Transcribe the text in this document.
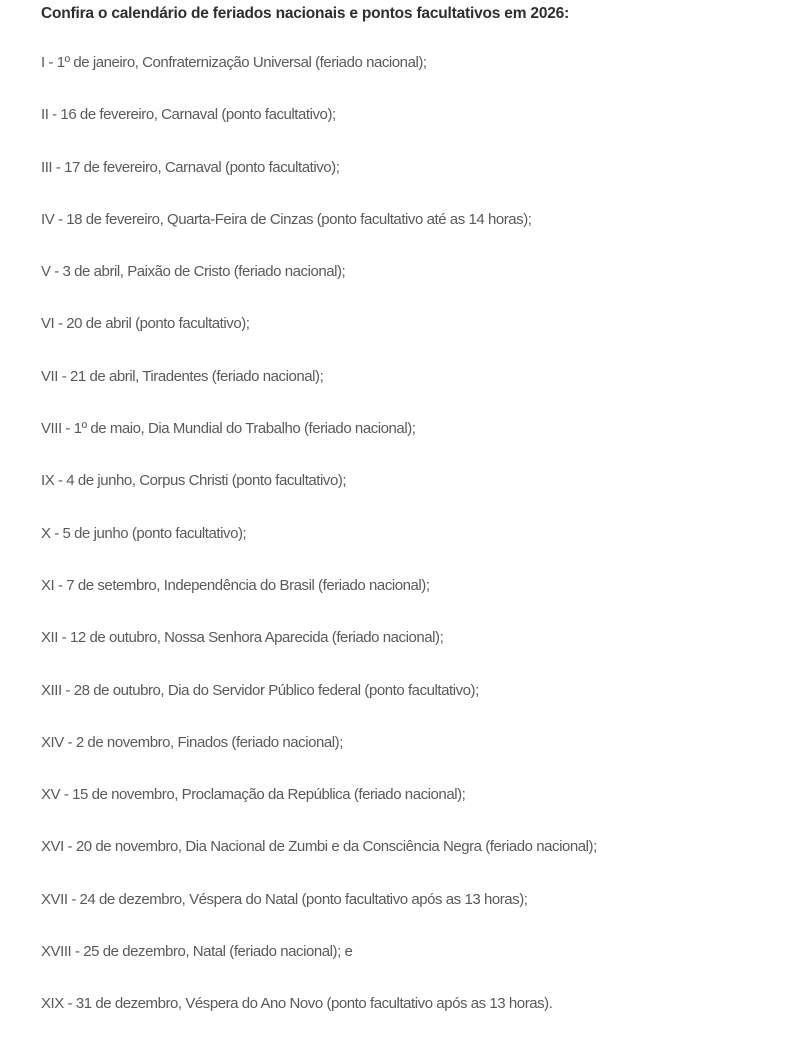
Confira o calendário de feriados nacionais e pontos facultativos em 2026:
I - 1º de janeiro, Confraternização Universal (feriado nacional);
II - 16 de fevereiro, Carnaval (ponto facultativo);
III - 17 de fevereiro, Carnaval (ponto facultativo);
IV - 18 de fevereiro, Quarta-Feira de Cinzas (ponto facultativo até as 14 horas);
V - 3 de abril, Paixão de Cristo (feriado nacional);
VI - 20 de abril (ponto facultativo);
VII - 21 de abril, Tiradentes (feriado nacional);
VIII - 1º de maio, Dia Mundial do Trabalho (feriado nacional);
IX - 4 de junho, Corpus Christi (ponto facultativo);
X - 5 de junho (ponto facultativo);
XI - 7 de setembro, Independência do Brasil (feriado nacional);
XII - 12 de outubro, Nossa Senhora Aparecida (feriado nacional);
XIII - 28 de outubro, Dia do Servidor Público federal (ponto facultativo);
XIV - 2 de novembro, Finados (feriado nacional);
XV - 15 de novembro, Proclamação da República (feriado nacional);
XVI - 20 de novembro, Dia Nacional de Zumbi e da Consciência Negra (feriado nacional);
XVII - 24 de dezembro, Véspera do Natal (ponto facultativo após as 13 horas);
XVIII - 25 de dezembro, Natal (feriado nacional); e
XIX - 31 de dezembro, Véspera do Ano Novo (ponto facultativo após as 13 horas).
